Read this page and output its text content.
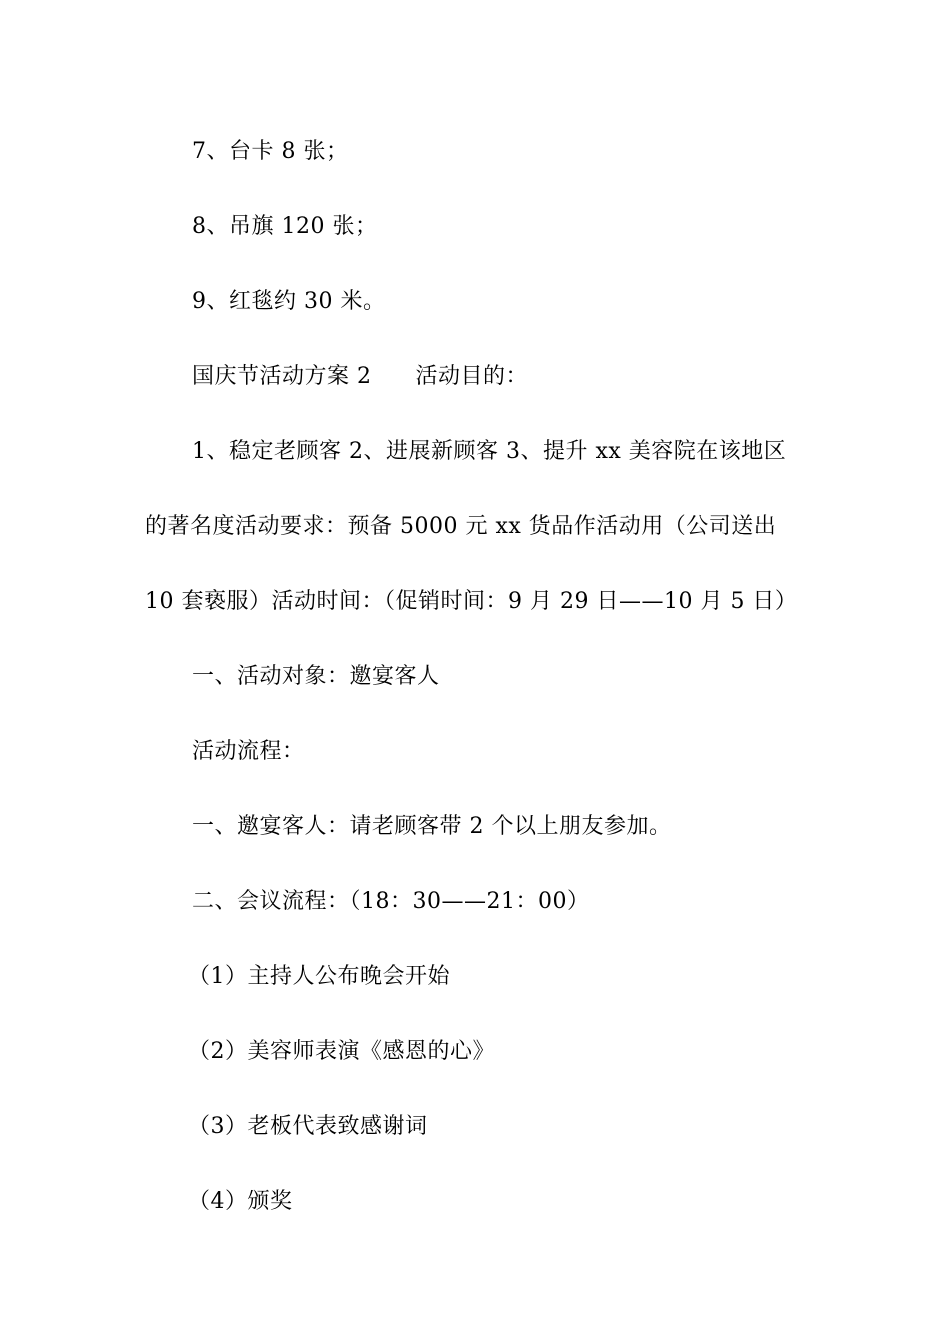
7、台卡 8 张；
8、吊旗 120 张；
9、红毯约 30 米。
国庆节活动方案 2 活动目的：
1、稳定老顾客 2、进展新顾客 3、提升 xx 美容院在该地区
的著名度活动要求：预备 5000 元 xx 货品作活动用（公司送出
10 套亵服）活动时间：（促销时间：9 月 29 日——10 月 5 日）
一、活动对象：邀宴客人
活动流程：
一、邀宴客人：请老顾客带 2 个以上朋友参加。
二、会议流程：（18：30——21：00）
（1）主持人公布晚会开始
（2）美容师表演《感恩的心》
（3）老板代表致感谢词
（4）颁奖
